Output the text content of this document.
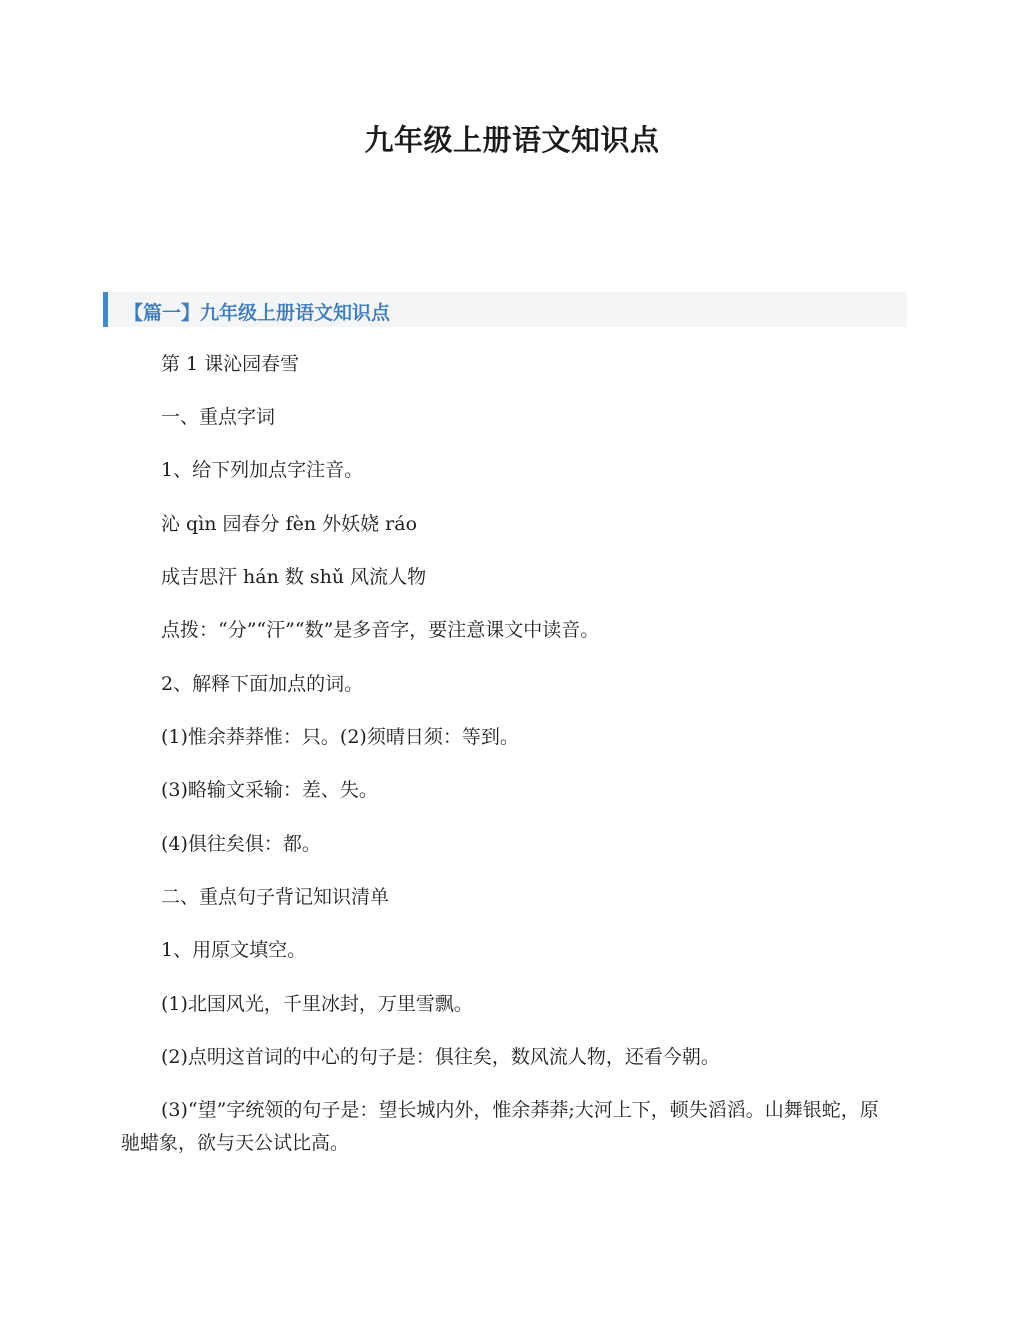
九年级上册语文知识点
【篇一】九年级上册语文知识点
第 1 课沁园春雪
一、重点字词
1、给下列加点字注音。
沁 qìn 园春分 fèn 外妖娆 ráo
成吉思汗 hán 数 shǔ 风流人物
点拨：“分”“汗”“数”是多音字，要注意课文中读音。
2、解释下面加点的词。
(1)惟余莽莽惟：只。(2)须晴日须：等到。
(3)略输文采输：差、失。
(4)俱往矣俱：都。
二、重点句子背记知识清单
1、用原文填空。
(1)北国风光，千里冰封，万里雪飘。
(2)点明这首词的中心的句子是：俱往矣，数风流人物，还看今朝。
(3)“望”字统领的句子是：望长城内外，惟余莽莽;大河上下，顿失滔滔。山舞银蛇，原驰蜡象，欲与天公试比高。
